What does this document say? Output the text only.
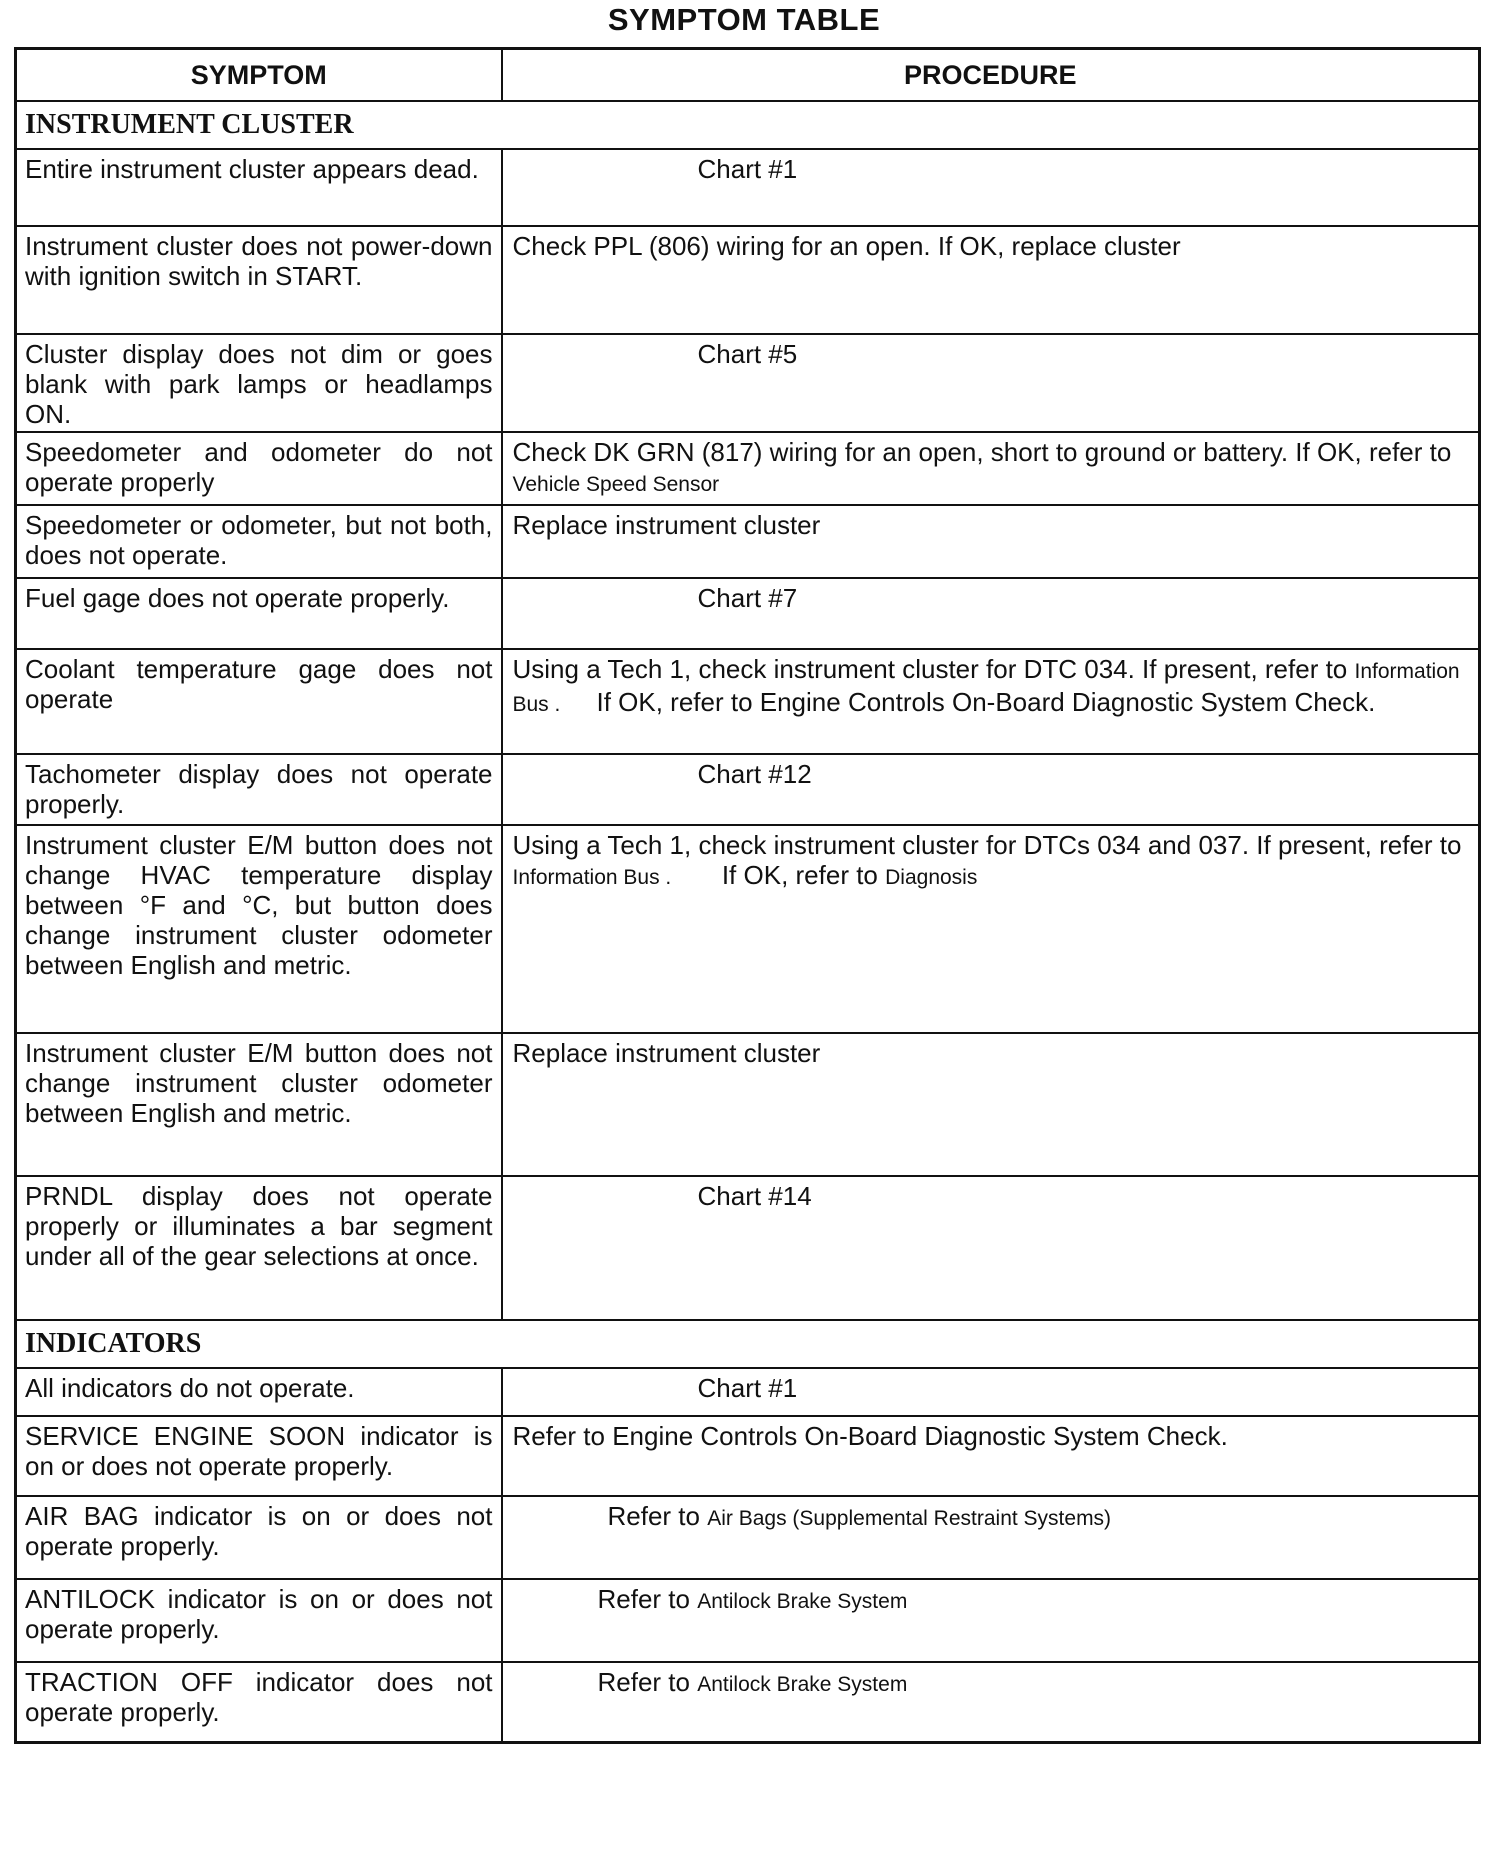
SYMPTOM TABLE
SYMPTOM	PROCEDURE
INSTRUMENT CLUSTER	
Entire instrument cluster appears dead.	Chart #1
Instrument cluster does not power-down with ignition switch in START.	Check PPL (806) wiring for an open. If OK, replace cluster
Cluster display does not dim or goes blank with park lamps or headlamps ON.	Chart #5
Speedometer and odometer do not operate properly	Check DK GRN (817) wiring for an open, short to ground or battery. If OK, refer to Vehicle Speed Sensor
Speedometer or odometer, but not both, does not operate.	Replace instrument cluster
Fuel gage does not operate properly.	Chart #7
Coolant temperature gage does not operate	Using a Tech 1, check instrument cluster for DTC 034. If present, refer to Information Bus . If OK, refer to Engine Controls On-Board Diagnostic System Check.
Tachometer display does not operate properly.	Chart #12
Instrument cluster E/M button does not change HVAC temperature display between °F and °C, but button does change instrument cluster odometer between English and metric.	Using a Tech 1, check instrument cluster for DTCs 034 and 037. If present, refer to Information Bus . If OK, refer to Diagnosis
Instrument cluster E/M button does not change instrument cluster odometer between English and metric.	Replace instrument cluster
PRNDL display does not operate properly or illuminates a bar segment under all of the gear selections at once.	Chart #14
INDICATORS	
All indicators do not operate.	Chart #1
SERVICE ENGINE SOON indicator is on or does not operate properly.	Refer to Engine Controls On-Board Diagnostic System Check.
AIR BAG indicator is on or does not operate properly.	Refer to Air Bags (Supplemental Restraint Systems)
ANTILOCK indicator is on or does not operate properly.	Refer to Antilock Brake System
TRACTION OFF indicator does not operate properly.	Refer to Antilock Brake System
